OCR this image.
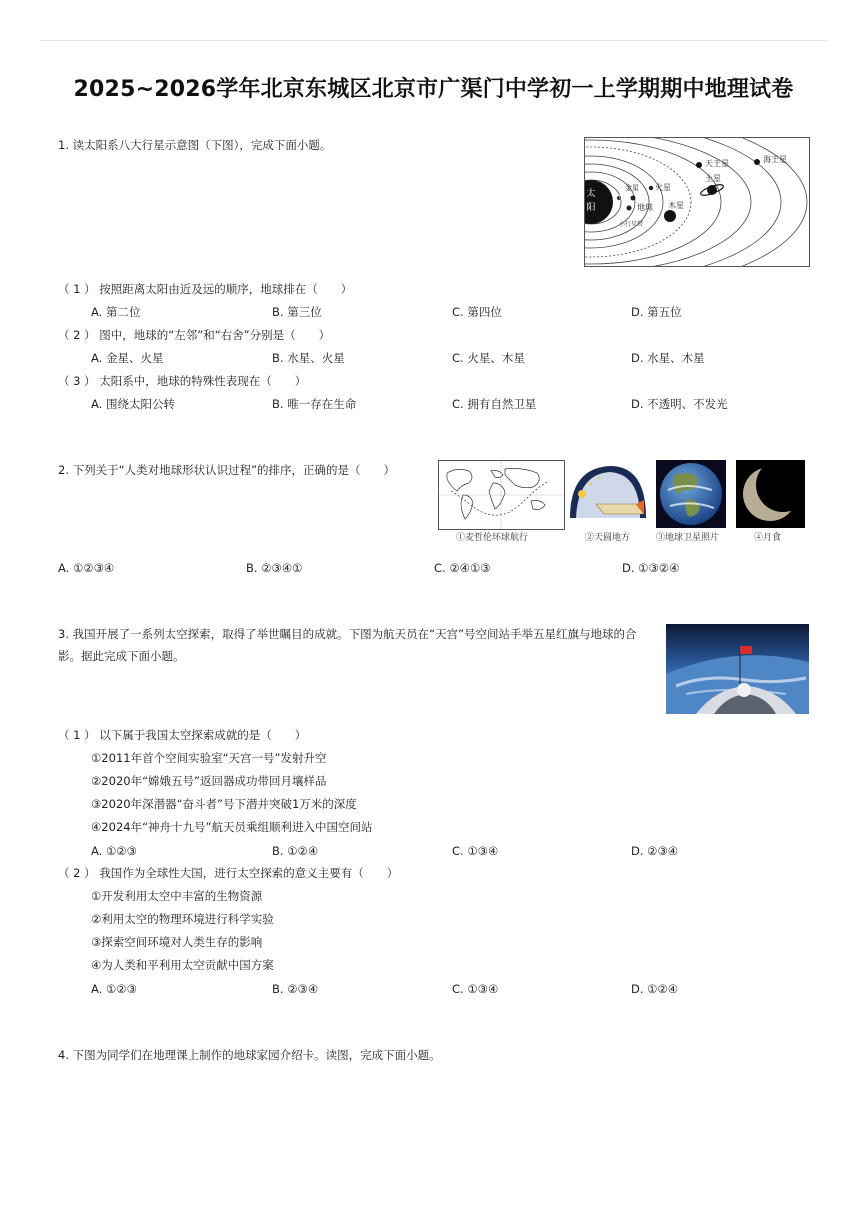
2025~2026学年北京东城区北京市广渠门中学初一上学期期中地理试卷
1. 读太阳系八大行星示意图（下图），完成下面小题。
太
阳
水星
金星
地球
火星
小行星带
木星
土星
天王星	海王星
（ 1 ） 按照距离太阳由近及远的顺序，地球排在（　　）
A. 第二位	B. 第三位	C. 第四位	D. 第五位
（ 2 ） 图中，地球的“左邻”和“右舍”分别是（　　）
A. 金星、火星	B. 水星、火星	C. 火星、木星	D. 水星、木星
（ 3 ） 太阳系中，地球的特殊性表现在（　　）
A. 围绕太阳公转	B. 唯一存在生命	C. 拥有自然卫星	D. 不透明、不发光
2. 下列关于“人类对地球形状认识过程”的排序，正确的是（　　）
★
★
①麦哲伦环球航行	②天圆地方	③地球卫星照片	④月食
A. ①②③④	B. ②③④①	C. ②④①③	D. ①③②④
3. 我国开展了一系列太空探索，取得了举世瞩目的成就。下图为航天员在“天宫”号空间站手举五星红旗与地球的合
影。据此完成下面小题。
（ 1 ） 以下属于我国太空探索成就的是（　　）
①2011年首个空间实验室“天宫一号”发射升空
②2020年“嫦娥五号”返回器成功带回月壤样品
③2020年深潜器“奋斗者”号下潜并突破1万米的深度
④2024年“神舟十九号”航天员乘组顺利进入中国空间站
A. ①②③	B. ①②④	C. ①③④	D. ②③④
（ 2 ） 我国作为全球性大国，进行太空探索的意义主要有（　　）
①开发利用太空中丰富的生物资源
②利用太空的物理环境进行科学实验
③探索空间环境对人类生存的影响
④为人类和平利用太空贡献中国方案
A. ①②③	B. ②③④	C. ①③④	D. ①②④
4. 下图为同学们在地理课上制作的地球家园介绍卡。读图，完成下面小题。
